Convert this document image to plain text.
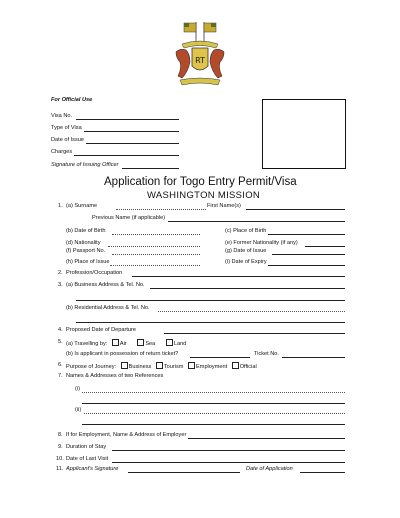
RT
For Official Use
Visa No.
Type of Visa
Date of Issue
Charges
Signature of Issuing Officer
Application for Togo Entry Permit/Visa
WASHINGTON MISSION
1. (a) Surname	First Name(s)
Previous Name (if applicable)
(b) Date of Birth	(c) Place of Birth
(d) Nationality	(e) Former Nationality (if any)
(f) Passport No.	(g) Date of Issue
(h) Place of Issue	(i) Date of Expiry
2. Profession/Occupation
3. (a) Business Address & Tel. No.
(b) Residential Address & Tel. No.
4. Proposed Date of Departure
5. (a) Travelling by: Air	Sea	Land
(b) Is applicant in possession of return ticket?	Ticket No.
6. Purpose of Journey: Business Tourism Employment Official
7. Names & Addresses of two References
(i)
(ii)
8. If for Employment, Name & Address of Employer
9. Duration of Stay
10. Date of Last Visit
11. Applicant's Signature	Date of Application
